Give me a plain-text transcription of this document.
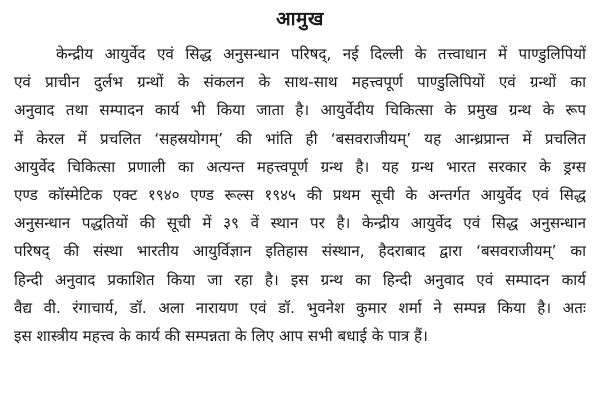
आमुख
केन्द्रीय आयुर्वेद एवं सिद्ध अनुसन्धान परिषद्, नई दिल्ली के तत्त्वाधान में पाण्डुलिपियों
एवं प्राचीन दुर्लभ ग्रन्थों के संकलन के साथ-साथ महत्त्वपूर्ण पाण्डुलिपियों एवं ग्रन्थों का
अनुवाद तथा सम्पादन कार्य भी किया जाता है। आयुर्वेदीय चिकित्सा के प्रमुख ग्रन्थ के रूप
में केरल में प्रचलित ‘सहस्रयोगम्’ की भांति ही ‘बसवराजीयम्’ यह आन्ध्रप्रान्त में प्रचलित
आयुर्वेद चिकित्सा प्रणाली का अत्यन्त महत्त्वपूर्ण ग्रन्थ है। यह ग्रन्थ भारत सरकार के ड्रग्स
एण्ड कॉस्मेटिक एक्ट १९४० एण्ड रूल्स १९४५ की प्रथम सूची के अन्तर्गत आयुर्वेद एवं सिद्ध
अनुसन्धान पद्धतियों की सूची में ३९ वें स्थान पर है। केन्द्रीय आयुर्वेद एवं सिद्ध अनुसन्धान
परिषद् की संस्था भारतीय आयुर्विज्ञान इतिहास संस्थान, हैदराबाद द्वारा ‘बसवराजीयम्’ का
हिन्दी अनुवाद प्रकाशित किया जा रहा है। इस ग्रन्थ का हिन्दी अनुवाद एवं सम्पादन कार्य
वैद्य वी. रंगाचार्य, डॉ. अला नारायण एवं डॉ. भुवनेश कुमार शर्मा ने सम्पन्न किया है। अतः
इस शास्त्रीय महत्त्व के कार्य की सम्पन्नता के लिए आप सभी बधाई के पात्र हैं।
